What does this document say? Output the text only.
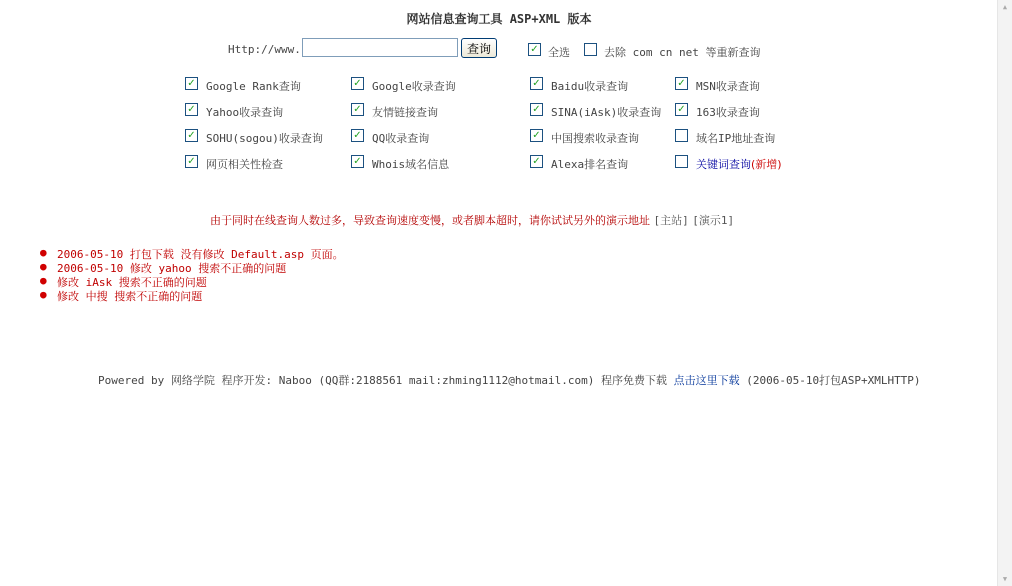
▲
▼
网站信息查询工具 ASP+XML 版本
Http://www.	查询	✓ 全选	去除 com cn net 等重新查询
✓ Google Rank查询	✓ Google收录查询	✓ Baidu收录查询	✓ MSN收录查询
✓ Yahoo收录查询	✓ 友情链接查询	✓ SINA(iAsk)收录查询 ✓ 163收录查询
✓ SOHU(sogou)收录查询	✓ QQ收录查询	✓ 中国搜索收录查询	域名IP地址查询
✓ 网页相关性检查	✓ Whois域名信息	✓ Alexa排名查询	关键词查询(新增)
由于同时在线查询人数过多，导致查询速度变慢，或者脚本超时，请你试试另外的演示地址 [主站] [演示1]
● 2006-05-10 打包下载 没有修改 Default.asp 页面。
● 2006-05-10 修改 yahoo 搜索不正确的问题
● 修改 iAsk 搜索不正确的问题
● 修改 中搜 搜索不正确的问题
Powered by 网络学院 程序开发: Naboo (QQ群:2188561 mail:zhming1112@hotmail.com) 程序免费下载 点击这里下载 (2006-05-10打包ASP+XMLHTTP)
